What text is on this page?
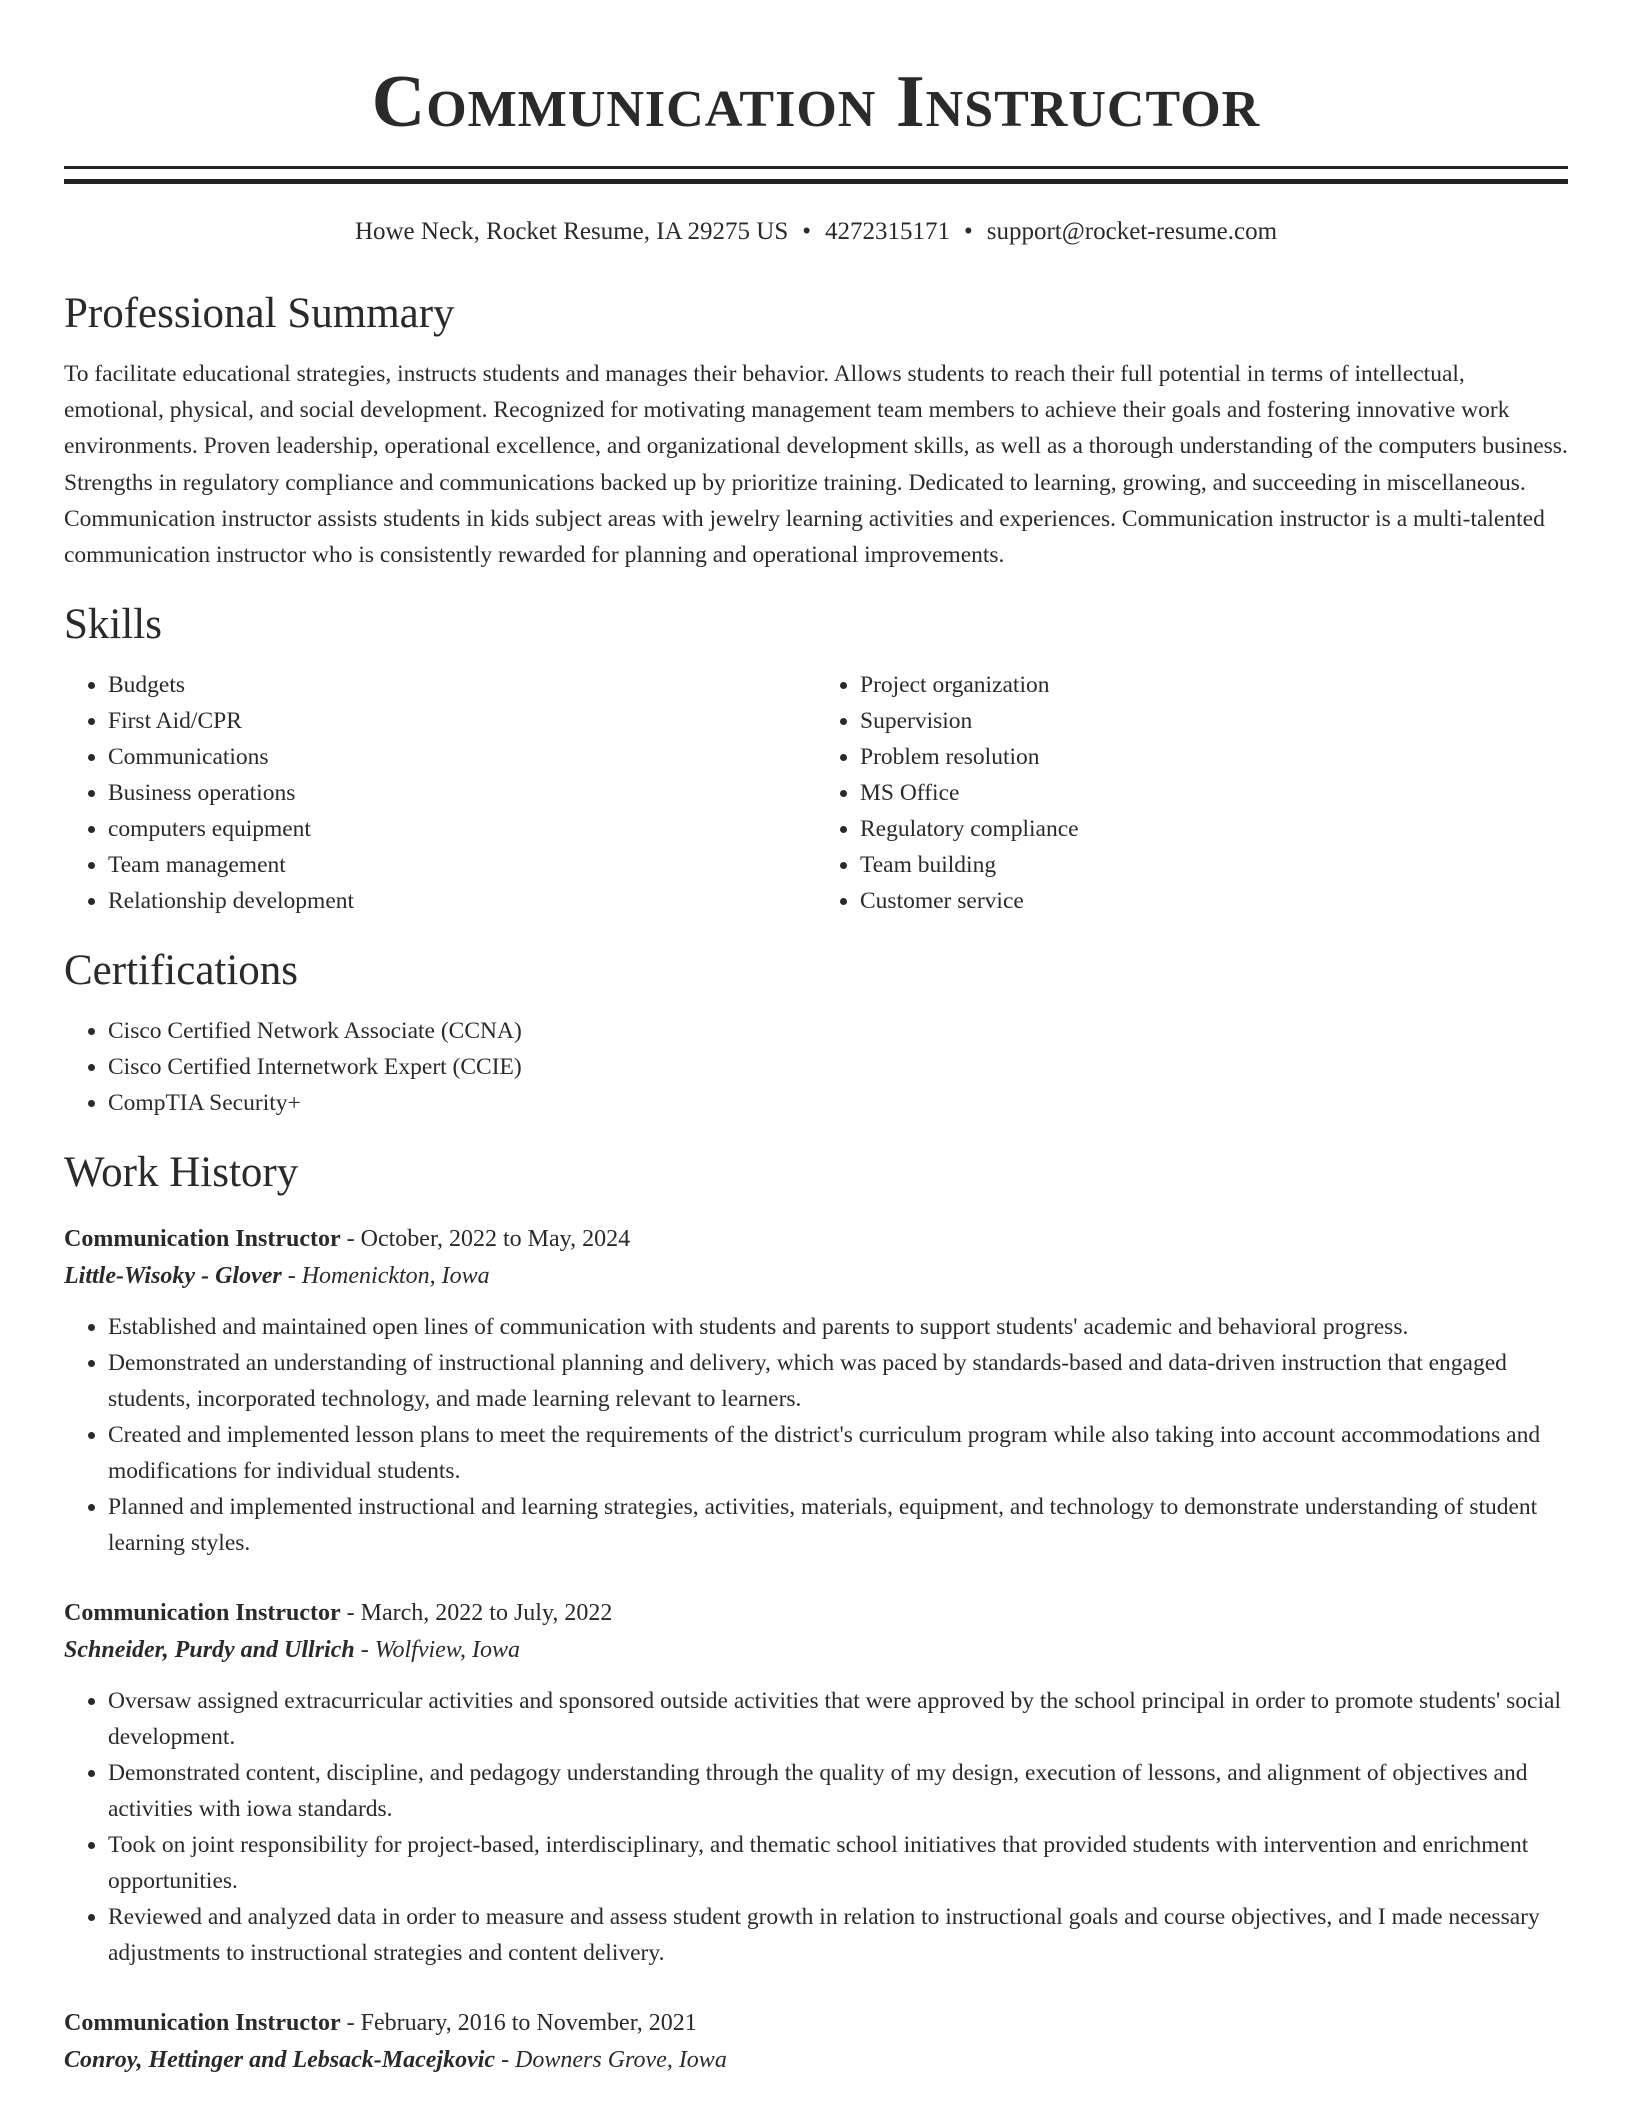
Communication Instructor
Howe Neck, Rocket Resume, IA 29275 US • 4272315171 • support@rocket-resume.com
Professional Summary
To facilitate educational strategies, instructs students and manages their behavior. Allows students to reach their full potential in terms of intellectual, emotional, physical, and social development. Recognized for motivating management team members to achieve their goals and fostering innovative work environments. Proven leadership, operational excellence, and organizational development skills, as well as a thorough understanding of the computers business. Strengths in regulatory compliance and communications backed up by prioritize training. Dedicated to learning, growing, and succeeding in miscellaneous. Communication instructor assists students in kids subject areas with jewelry learning activities and experiences. Communication instructor is a multi-talented communication instructor who is consistently rewarded for planning and operational improvements.
Skills
• Budgets
• First Aid/CPR
• Communications
• Business operations
• computers equipment
• Team management
• Relationship development
• Project organization
• Supervision
• Problem resolution
• MS Office
• Regulatory compliance
• Team building
• Customer service
Certifications
• Cisco Certified Network Associate (CCNA)
• Cisco Certified Internetwork Expert (CCIE)
• CompTIA Security+
Work History
Communication Instructor - October, 2022 to May, 2024
Little-Wisoky - Glover - Homenickton, Iowa
• Established and maintained open lines of communication with students and parents to support students' academic and behavioral progress.
• Demonstrated an understanding of instructional planning and delivery, which was paced by standards-based and data-driven instruction that engaged students, incorporated technology, and made learning relevant to learners.
• Created and implemented lesson plans to meet the requirements of the district's curriculum program while also taking into account accommodations and modifications for individual students.
• Planned and implemented instructional and learning strategies, activities, materials, equipment, and technology to demonstrate understanding of student learning styles.
Communication Instructor - March, 2022 to July, 2022
Schneider, Purdy and Ullrich - Wolfview, Iowa
• Oversaw assigned extracurricular activities and sponsored outside activities that were approved by the school principal in order to promote students' social development.
• Demonstrated content, discipline, and pedagogy understanding through the quality of my design, execution of lessons, and alignment of objectives and activities with iowa standards.
• Took on joint responsibility for project-based, interdisciplinary, and thematic school initiatives that provided students with intervention and enrichment opportunities.
• Reviewed and analyzed data in order to measure and assess student growth in relation to instructional goals and course objectives, and I made necessary adjustments to instructional strategies and content delivery.
Communication Instructor - February, 2016 to November, 2021
Conroy, Hettinger and Lebsack-Macejkovic - Downers Grove, Iowa
